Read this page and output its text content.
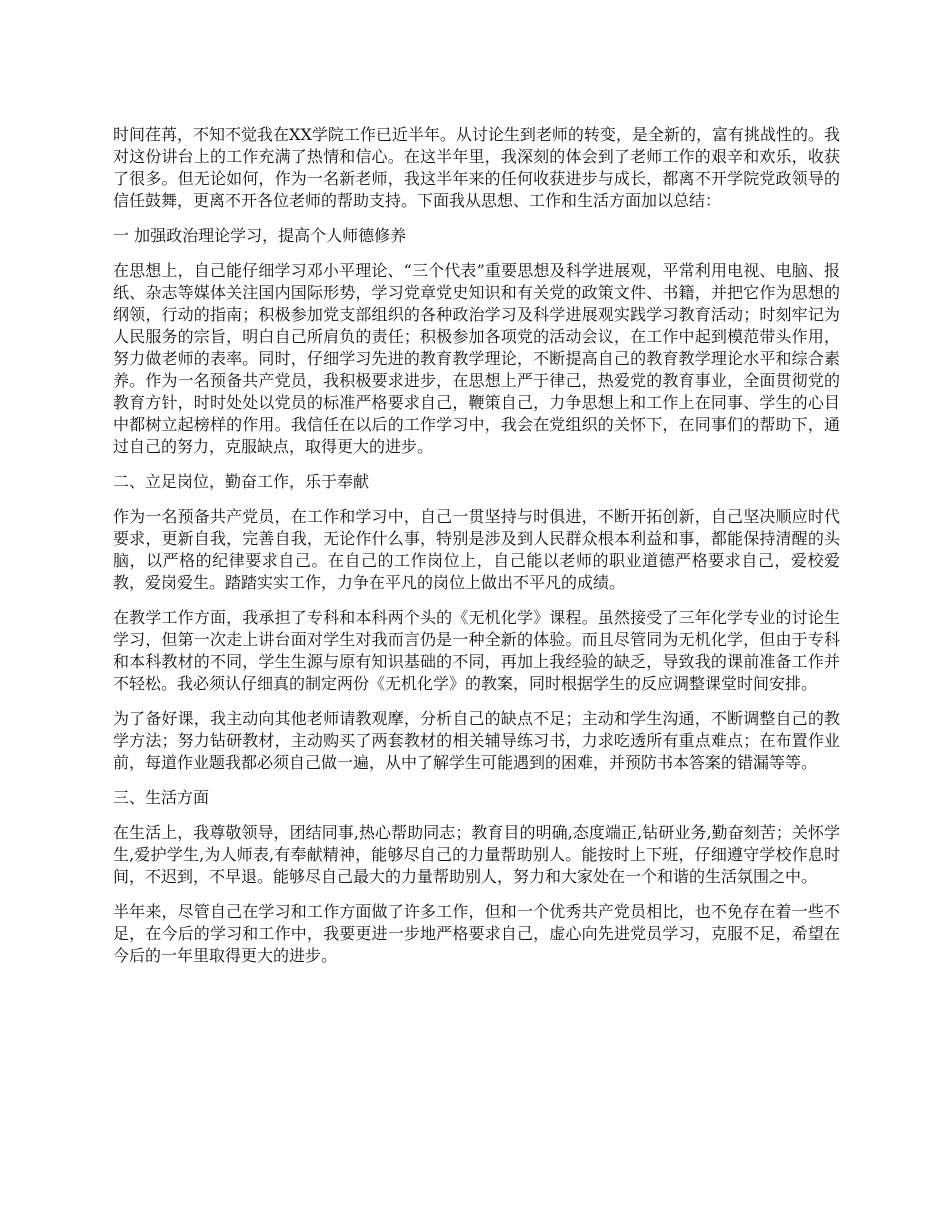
时间荏苒，不知不觉我在XX学院工作已近半年。从讨论生到老师的转变，是全新的，富有挑战性的。我对这份讲台上的工作充满了热情和信心。在这半年里，我深刻的体会到了老师工作的艰辛和欢乐，收获了很多。但无论如何，作为一名新老师，我这半年来的任何收获进步与成长，都离不开学院党政领导的信任鼓舞，更离不开各位老师的帮助支持。下面我从思想、工作和生活方面加以总结：

一 加强政治理论学习，提高个人师德修养

在思想上，自己能仔细学习邓小平理论、“三个代表”重要思想及科学进展观，平常利用电视、电脑、报纸、杂志等媒体关注国内国际形势，学习党章党史知识和有关党的政策文件、书籍，并把它作为思想的纲领，行动的指南；积极参加党支部组织的各种政治学习及科学进展观实践学习教育活动；时刻牢记为人民服务的宗旨，明白自己所肩负的责任；积极参加各项党的活动会议，在工作中起到模范带头作用，努力做老师的表率。同时，仔细学习先进的教育教学理论，不断提高自己的教育教学理论水平和综合素养。作为一名预备共产党员，我积极要求进步，在思想上严于律己，热爱党的教育事业，全面贯彻党的教育方针，时时处处以党员的标准严格要求自己，鞭策自己，力争思想上和工作上在同事、学生的心目中都树立起榜样的作用。我信任在以后的工作学习中，我会在党组织的关怀下，在同事们的帮助下，通过自己的努力，克服缺点，取得更大的进步。

二、立足岗位，勤奋工作，乐于奉献

作为一名预备共产党员，在工作和学习中，自己一贯坚持与时俱进，不断开拓创新，自己坚决顺应时代要求，更新自我，完善自我，无论作什么事，特别是涉及到人民群众根本利益和事，都能保持清醒的头脑，以严格的纪律要求自己。在自己的工作岗位上，自己能以老师的职业道德严格要求自己，爱校爱教，爱岗爱生。踏踏实实工作，力争在平凡的岗位上做出不平凡的成绩。

在教学工作方面，我承担了专科和本科两个头的《无机化学》课程。虽然接受了三年化学专业的讨论生学习，但第一次走上讲台面对学生对我而言仍是一种全新的体验。而且尽管同为无机化学，但由于专科和本科教材的不同，学生生源与原有知识基础的不同，再加上我经验的缺乏，导致我的课前准备工作并不轻松。我必须认仔细真的制定两份《无机化学》的教案，同时根据学生的反应调整课堂时间安排。

为了备好课，我主动向其他老师请教观摩，分析自己的缺点不足；主动和学生沟通，不断调整自己的教学方法；努力钻研教材，主动购买了两套教材的相关辅导练习书，力求吃透所有重点难点；在布置作业前，每道作业题我都必须自己做一遍，从中了解学生可能遇到的困难，并预防书本答案的错漏等等。

三、生活方面

在生活上，我尊敬领导，团结同事,热心帮助同志；教育目的明确,态度端正,钻研业务,勤奋刻苦；关怀学生,爱护学生,为人师表,有奉献精神，能够尽自己的力量帮助别人。能按时上下班，仔细遵守学校作息时间，不迟到，不早退。能够尽自己最大的力量帮助别人，努力和大家处在一个和谐的生活氛围之中。

半年来，尽管自己在学习和工作方面做了许多工作，但和一个优秀共产党员相比，也不免存在着一些不足，在今后的学习和工作中，我要更进一步地严格要求自己，虚心向先进党员学习，克服不足，希望在今后的一年里取得更大的进步。
